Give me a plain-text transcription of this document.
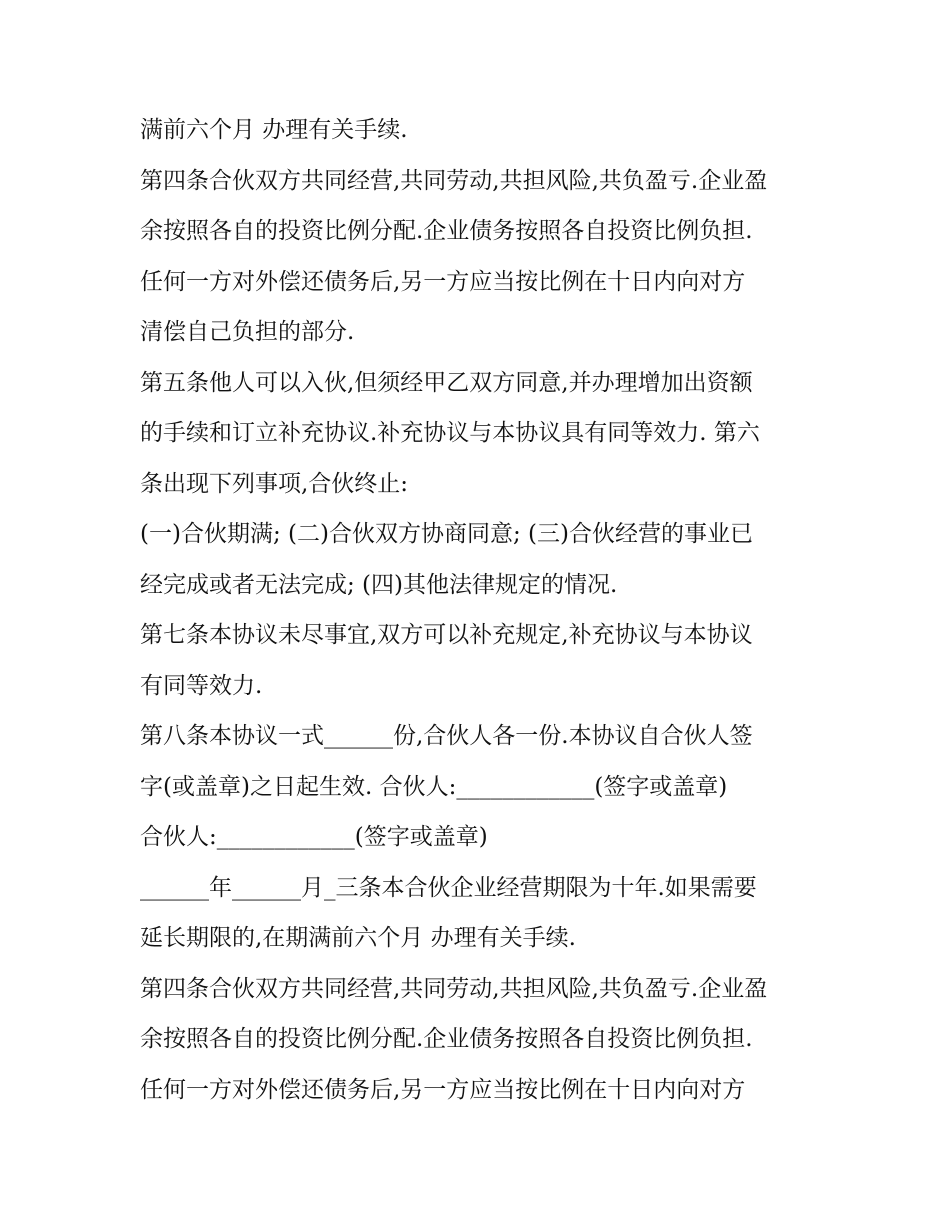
满前六个月 办理有关手续.
第四条合伙双方共同经营,共同劳动,共担风险,共负盈亏.企业盈
余按照各自的投资比例分配.企业债务按照各自投资比例负担.
任何一方对外偿还债务后,另一方应当按比例在十日内向对方
清偿自己负担的部分.
第五条他人可以入伙,但须经甲乙双方同意,并办理增加出资额
的手续和订立补充协议.补充协议与本协议具有同等效力. 第六
条出现下列事项,合伙终止:
(一)合伙期满; (二)合伙双方协商同意; (三)合伙经营的事业已
经完成或者无法完成; (四)其他法律规定的情况.
第七条本协议未尽事宜,双方可以补充规定,补充协议与本协议
有同等效力.
第八条本协议一式______份,合伙人各一份.本协议自合伙人签
字(或盖章)之日起生效. 合伙人:____________(签字或盖章)
合伙人:____________(签字或盖章)
______年______月_三条本合伙企业经营期限为十年.如果需要
延长期限的,在期满前六个月 办理有关手续.
第四条合伙双方共同经营,共同劳动,共担风险,共负盈亏.企业盈
余按照各自的投资比例分配.企业债务按照各自投资比例负担.
任何一方对外偿还债务后,另一方应当按比例在十日内向对方
